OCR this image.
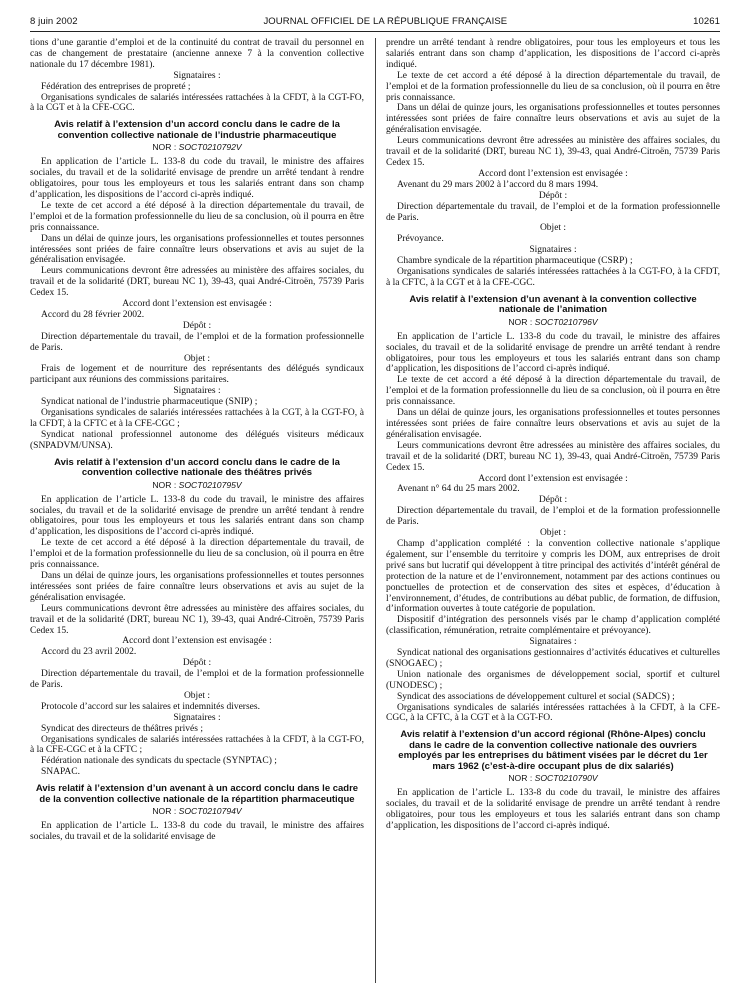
8 juin 2002	JOURNAL OFFICIEL DE LA RÉPUBLIQUE FRANÇAISE	10261

tions d’une garantie d’emploi et de la continuité du contrat de travail du personnel en cas de changement de prestataire (ancienne annexe 7 à la convention collective nationale du 17 décembre 1981).

Signataires :

Fédération des entreprises de propreté ;

Organisations syndicales de salariés intéressées rattachées à la CFDT, à la CGT-FO, à la CGT et à la CFE-CGC.

Avis relatif à l’extension d’un accord conclu dans le cadre de la convention collective nationale de l’industrie pharmaceutique
NOR : SOCT0210792V

En application de l’article L. 133-8 du code du travail, le ministre des affaires sociales, du travail et de la solidarité envisage de prendre un arrêté tendant à rendre obligatoires, pour tous les employeurs et tous les salariés entrant dans son champ d’application, les dispositions de l’accord ci-après indiqué.

Le texte de cet accord a été déposé à la direction départementale du travail, de l’emploi et de la formation professionnelle du lieu de sa conclusion, où il pourra en être pris connaissance.

Dans un délai de quinze jours, les organisations professionnelles et toutes personnes intéressées sont priées de faire connaître leurs observations et avis au sujet de la généralisation envisagée.

Leurs communications devront être adressées au ministère des affaires sociales, du travail et de la solidarité (DRT, bureau NC 1), 39-43, quai André-Citroën, 75739 Paris Cedex 15.

Accord dont l’extension est envisagée :

Accord du 28 février 2002.

Dépôt :

Direction départementale du travail, de l’emploi et de la formation professionnelle de Paris.

Objet :

Frais de logement et de nourriture des représentants des délégués syndicaux participant aux réunions des commissions paritaires.

Signataires :

Syndicat national de l’industrie pharmaceutique (SNIP) ;

Organisations syndicales de salariés intéressées rattachées à la CGT, à la CGT-FO, à la CFDT, à la CFTC et à la CFE-CGC ;

Syndicat national professionnel autonome des délégués visiteurs médicaux (SNPADVM/UNSA).

Avis relatif à l’extension d’un accord conclu dans le cadre de la convention collective nationale des théâtres privés
NOR : SOCT0210795V

En application de l’article L. 133-8 du code du travail, le ministre des affaires sociales, du travail et de la solidarité envisage de prendre un arrêté tendant à rendre obligatoires, pour tous les employeurs et tous les salariés entrant dans son champ d’application, les dispositions de l’accord ci-après indiqué.

Le texte de cet accord a été déposé à la direction départementale du travail, de l’emploi et de la formation professionnelle du lieu de sa conclusion, où il pourra en être pris connaissance.

Dans un délai de quinze jours, les organisations professionnelles et toutes personnes intéressées sont priées de faire connaître leurs observations et avis au sujet de la généralisation envisagée.

Leurs communications devront être adressées au ministère des affaires sociales, du travail et de la solidarité (DRT, bureau NC 1), 39-43, quai André-Citroën, 75739 Paris Cedex 15.

Accord dont l’extension est envisagée :

Accord du 23 avril 2002.

Dépôt :

Direction départementale du travail, de l’emploi et de la formation professionnelle de Paris.

Objet :

Protocole d’accord sur les salaires et indemnités diverses.

Signataires :

Syndicat des directeurs de théâtres privés ;

Organisations syndicales de salariés intéressées rattachées à la CFDT, à la CGT-FO, à la CFE-CGC et à la CFTC ;

Fédération nationale des syndicats du spectacle (SYNPTAC) ;

SNAPAC.

Avis relatif à l’extension d’un avenant à un accord conclu dans le cadre de la convention collective nationale de la répartition pharmaceutique
NOR : SOCT0210794V

En application de l’article L. 133-8 du code du travail, le ministre des affaires sociales, du travail et de la solidarité envisage de

prendre un arrêté tendant à rendre obligatoires, pour tous les employeurs et tous les salariés entrant dans son champ d’application, les dispositions de l’accord ci-après indiqué.

Le texte de cet accord a été déposé à la direction départementale du travail, de l’emploi et de la formation professionnelle du lieu de sa conclusion, où il pourra en être pris connaissance.

Dans un délai de quinze jours, les organisations professionnelles et toutes personnes intéressées sont priées de faire connaître leurs observations et avis au sujet de la généralisation envisagée.

Leurs communications devront être adressées au ministère des affaires sociales, du travail et de la solidarité (DRT, bureau NC 1), 39-43, quai André-Citroën, 75739 Paris Cedex 15.

Accord dont l’extension est envisagée :

Avenant du 29 mars 2002 à l’accord du 8 mars 1994.

Dépôt :

Direction départementale du travail, de l’emploi et de la formation professionnelle de Paris.

Objet :

Prévoyance.

Signataires :

Chambre syndicale de la répartition pharmaceutique (CSRP) ;

Organisations syndicales de salariés intéressées rattachées à la CGT-FO, à la CFDT, à la CFTC, à la CGT et à la CFE-CGC.

Avis relatif à l’extension d’un avenant à la convention collective nationale de l’animation
NOR : SOCT0210796V

En application de l’article L. 133-8 du code du travail, le ministre des affaires sociales, du travail et de la solidarité envisage de prendre un arrêté tendant à rendre obligatoires, pour tous les employeurs et tous les salariés entrant dans son champ d’application, les dispositions de l’accord ci-après indiqué.

Le texte de cet accord a été déposé à la direction départementale du travail, de l’emploi et de la formation professionnelle du lieu de sa conclusion, où il pourra en être pris connaissance.

Dans un délai de quinze jours, les organisations professionnelles et toutes personnes intéressées sont priées de faire connaître leurs observations et avis au sujet de la généralisation envisagée.

Leurs communications devront être adressées au ministère des affaires sociales, du travail et de la solidarité (DRT, bureau NC 1), 39-43, quai André-Citroën, 75739 Paris Cedex 15.

Accord dont l’extension est envisagée :

Avenant n° 64 du 25 mars 2002.

Dépôt :

Direction départementale du travail, de l’emploi et de la formation professionnelle de Paris.

Objet :

Champ d’application complété : la convention collective nationale s’applique également, sur l’ensemble du territoire y compris les DOM, aux entreprises de droit privé sans but lucratif qui développent à titre principal des activités d’intérêt général de protection de la nature et de l’environnement, notamment par des actions continues ou ponctuelles de protection et de conservation des sites et espèces, d’éducation à l’environnement, d’études, de contributions au débat public, de formation, de diffusion, d’information ouvertes à toute catégorie de population.

Dispositif d’intégration des personnels visés par le champ d’application complété (classification, rémunération, retraite complémentaire et prévoyance).

Signataires :

Syndicat national des organisations gestionnaires d’activités éducatives et culturelles (SNOGAEC) ;

Union nationale des organismes de développement social, sportif et culturel (UNODESC) ;

Syndicat des associations de développement culturel et social (SADCS) ;

Organisations syndicales de salariés intéressées rattachées à la CFDT, à la CFE-CGC, à la CFTC, à la CGT et à la CGT-FO.

Avis relatif à l’extension d’un accord régional (Rhône-Alpes) conclu dans le cadre de la convention collective nationale des ouvriers employés par les entreprises du bâtiment visées par le décret du 1er mars 1962 (c’est-à-dire occupant plus de dix salariés)
NOR : SOCT0210790V

En application de l’article L. 133-8 du code du travail, le ministre des affaires sociales, du travail et de la solidarité envisage de prendre un arrêté tendant à rendre obligatoires, pour tous les employeurs et tous les salariés entrant dans son champ d’application, les dispositions de l’accord ci-après indiqué.
